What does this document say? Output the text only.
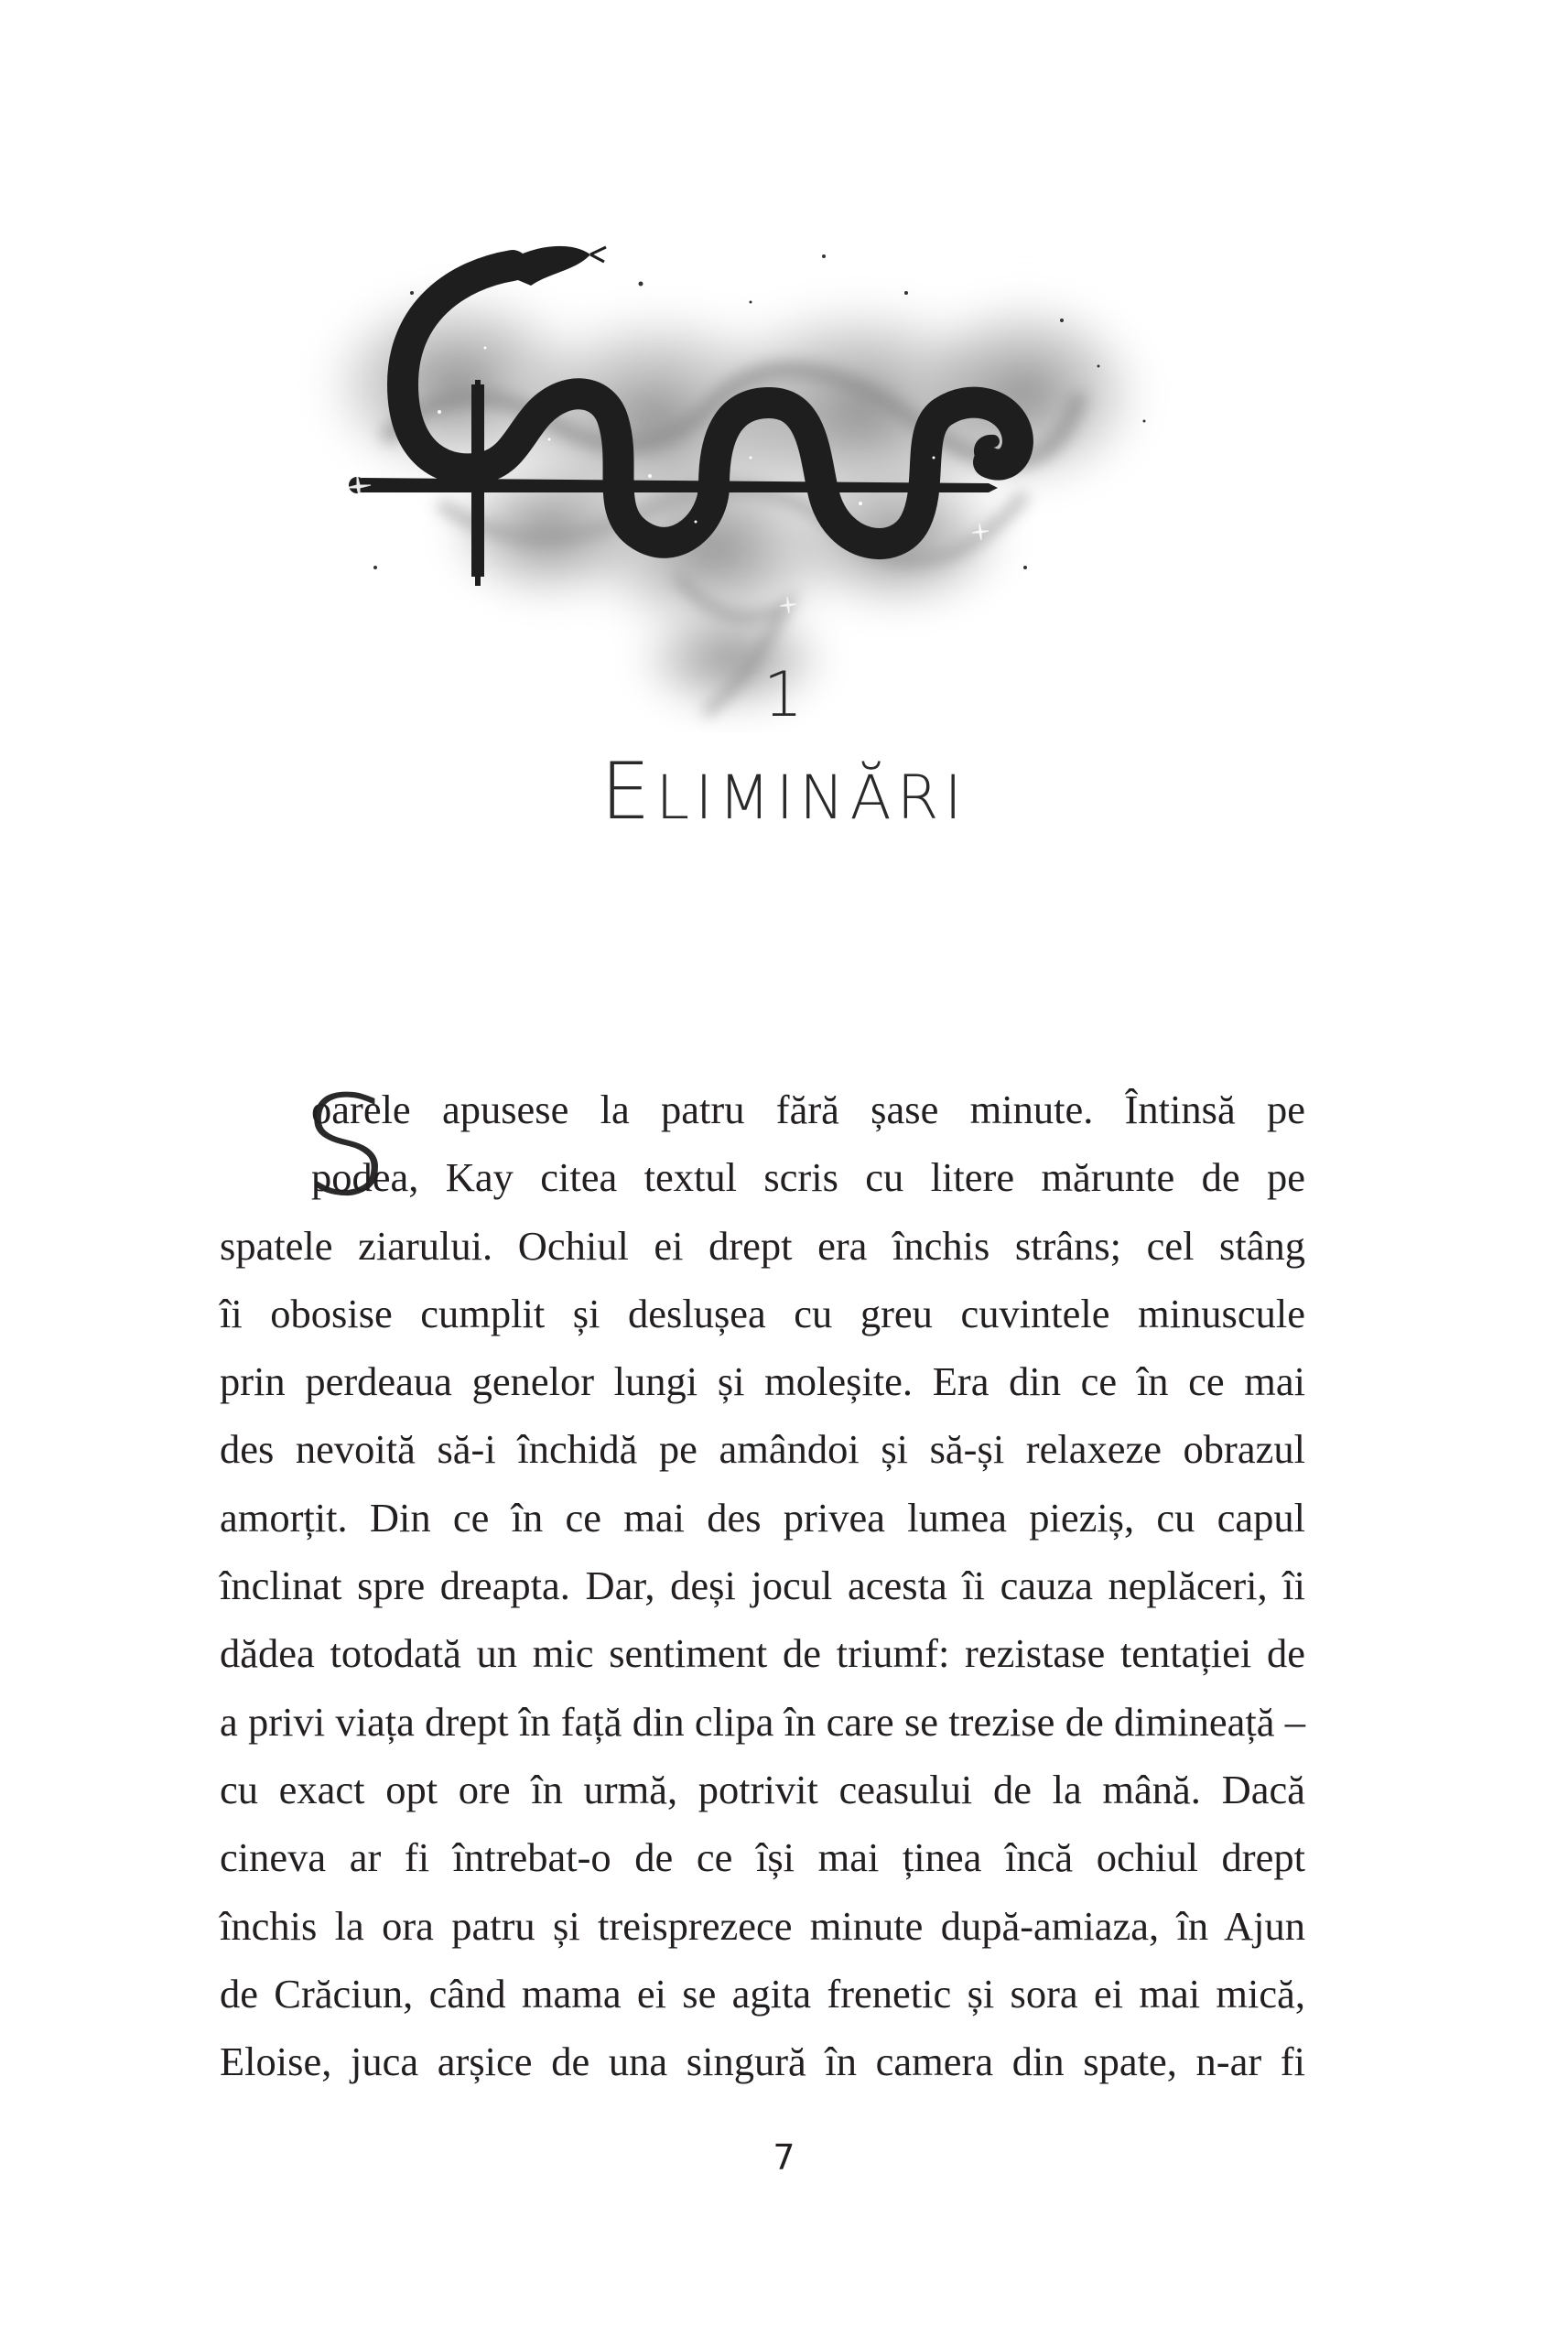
1
ELIMINĂRI
S
oarele apusese la patru fără șase minute. Întinsă pe
podea, Kay citea textul scris cu litere mărunte de pe
spatele ziarului. Ochiul ei drept era închis strâns; cel stâng
îi obosise cumplit și deslușea cu greu cuvintele minuscule
prin perdeaua genelor lungi și moleșite. Era din ce în ce mai
des nevoită să-i închidă pe amândoi și să-și relaxeze obrazul
amorțit. Din ce în ce mai des privea lumea pieziș, cu capul
înclinat spre dreapta. Dar, deși jocul acesta îi cauza neplăceri, îi
dădea totodată un mic sentiment de triumf: rezistase tentației de
a privi viața drept în față din clipa în care se trezise de dimineață –
cu exact opt ore în urmă, potrivit ceasului de la mână. Dacă
cineva ar fi întrebat-o de ce își mai ținea încă ochiul drept
închis la ora patru și treisprezece minute după-amiaza, în Ajun
de Crăciun, când mama ei se agita frenetic și sora ei mai mică,
Eloise, juca arșice de una singură în camera din spate, n-ar fi
7
